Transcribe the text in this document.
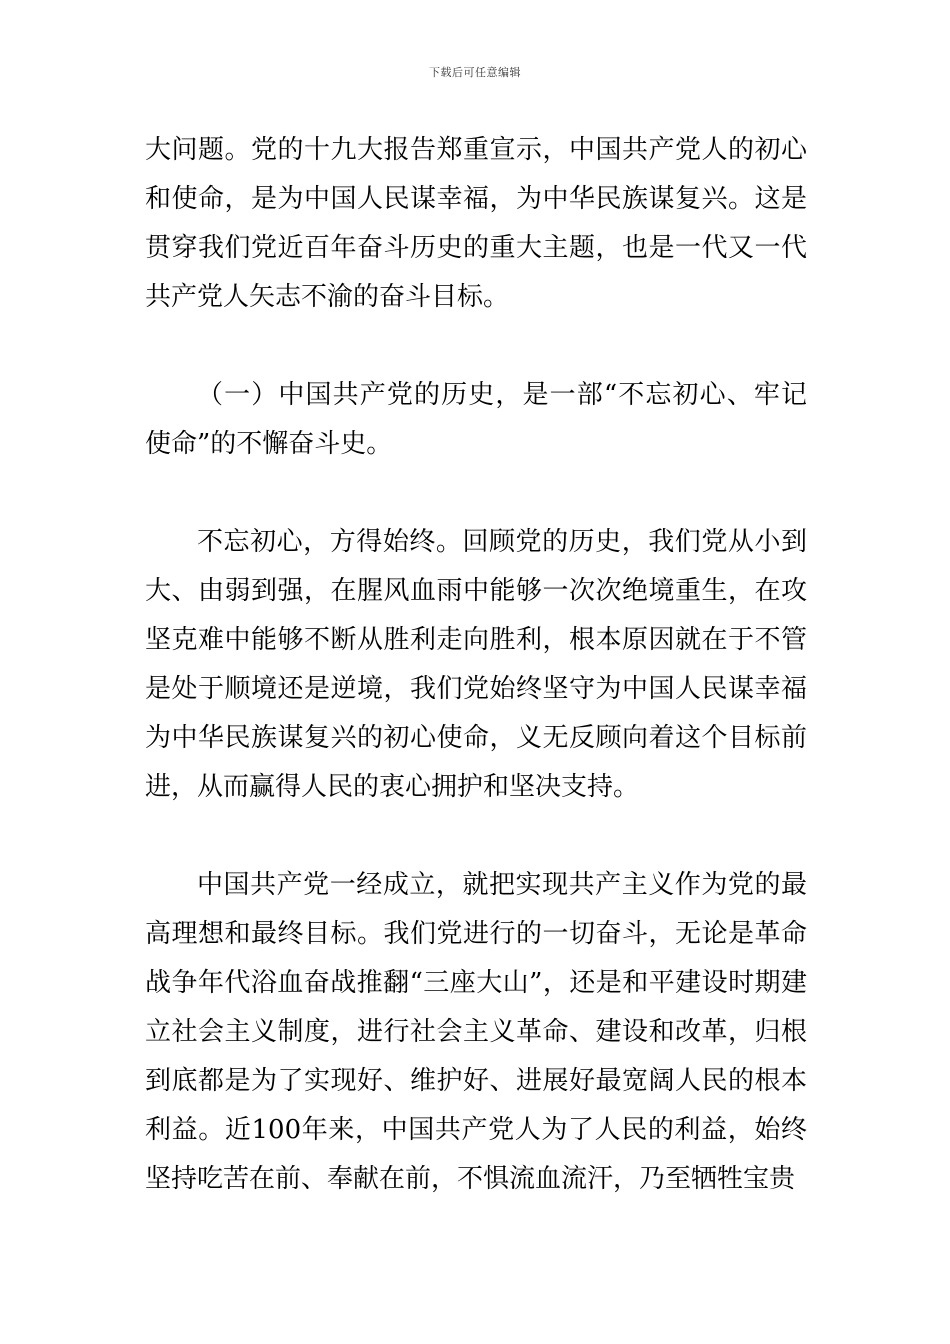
下载后可任意编辑

大问题。党的十九大报告郑重宣示，中国共产党人的初心和使命，是为中国人民谋幸福，为中华民族谋复兴。这是贯穿我们党近百年奋斗历史的重大主题，也是一代又一代共产党人矢志不渝的奋斗目标。

（一）中国共产党的历史，是一部“不忘初心、牢记使命”的不懈奋斗史。

不忘初心，方得始终。回顾党的历史，我们党从小到大、由弱到强，在腥风血雨中能够一次次绝境重生，在攻坚克难中能够不断从胜利走向胜利，根本原因就在于不管是处于顺境还是逆境，我们党始终坚守为中国人民谋幸福为中华民族谋复兴的初心使命，义无反顾向着这个目标前进，从而赢得人民的衷心拥护和坚决支持。

中国共产党一经成立，就把实现共产主义作为党的最高理想和最终目标。我们党进行的一切奋斗，无论是革命战争年代浴血奋战推翻“三座大山”，还是和平建设时期建立社会主义制度，进行社会主义革命、建设和改革，归根到底都是为了实现好、维护好、进展好最宽阔人民的根本利益。近100年来，中国共产党人为了人民的利益，始终坚持吃苦在前、奉献在前，不惧流血流汗，乃至牺牲宝贵
